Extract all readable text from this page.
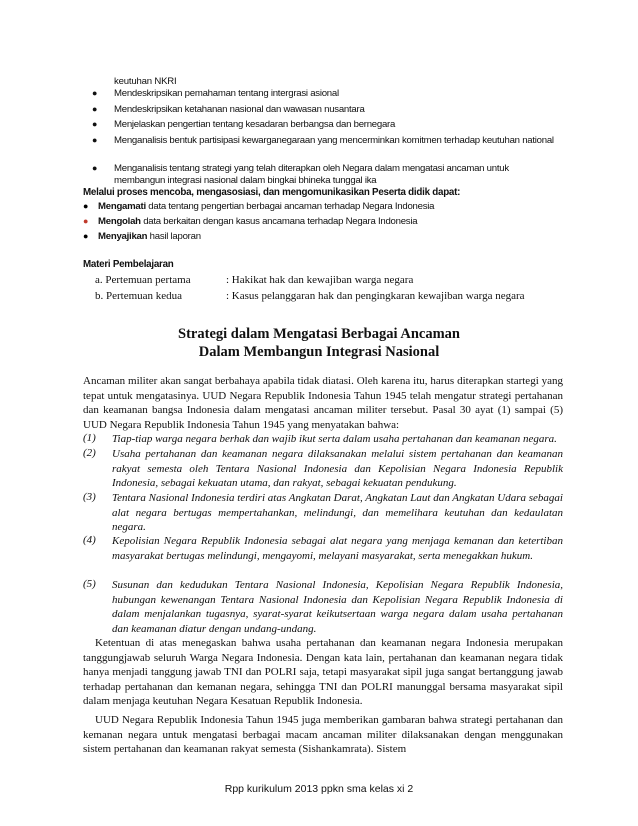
keutuhan NKRI
● Mendeskripsikan pemahaman tentang intergrasi asional
● Mendeskripsikan ketahanan nasional dan wawasan nusantara
● Menjelaskan pengertian tentang kesadaran berbangsa dan bernegara
● Menganalisis bentuk partisipasi kewarganegaraan yang mencerminkan komitmen terhadap keutuhan national
● Menganalisis tentang strategi yang telah diterapkan oleh Negara dalam mengatasi ancaman untuk membangun integrasi nasional dalam bingkai bhineka tunggal ika
Melalui proses mencoba, mengasosiasi, dan mengomunikasikan Peserta didik dapat:
● Mengamati data tentang pengertian berbagai ancaman terhadap Negara Indonesia
● Mengolah data berkaitan dengan kasus ancamana terhadap Negara Indonesia
● Menyajikan hasil laporan
Materi Pembelajaran
a. Pertemuan pertama	: Hakikat hak dan kewajiban warga negara
b. Pertemuan kedua	: Kasus pelanggaran hak dan pengingkaran kewajiban warga negara
Strategi dalam Mengatasi Berbagai Ancaman
Dalam Membangun Integrasi Nasional
Ancaman militer akan sangat berbahaya apabila tidak diatasi. Oleh karena itu, harus diterapkan startegi yang tepat untuk mengatasinya. UUD Negara Republik Indonesia Tahun 1945 telah mengatur strategi pertahanan dan keamanan bangsa Indonesia dalam mengatasi ancaman militer tersebut. Pasal 30 ayat (1) sampai (5) UUD Negara Republik Indonesia Tahun 1945 yang menyatakan bahwa:
(1) Tiap-tiap warga negara berhak dan wajib ikut serta dalam usaha pertahanan dan keamanan negara.
(2) Usaha pertahanan dan keamanan negara dilaksanakan melalui sistem pertahanan dan keamanan rakyat semesta oleh Tentara Nasional Indonesia dan Kepolisian Negara Indonesia Republik Indonesia, sebagai kekuatan utama, dan rakyat, sebagai kekuatan pendukung.
(3) Tentara Nasional Indonesia terdiri atas Angkatan Darat, Angkatan Laut dan Angkatan Udara sebagai alat negara bertugas mempertahankan, melindungi, dan memelihara keutuhan dan kedaulatan negara.
(4) Kepolisian Negara Republik Indonesia sebagai alat negara yang menjaga kemanan dan ketertiban masyarakat bertugas melindungi, mengayomi, melayani masyarakat, serta menegakkan hukum.
(5) Susunan dan kedudukan Tentara Nasional Indonesia, Kepolisian Negara Republik Indonesia, hubungan kewenangan Tentara Nasional Indonesia dan Kepolisian Negara Republik Indonesia di dalam menjalankan tugasnya, syarat-syarat keikutsertaan warga negara dalam usaha pertahanan dan keamanan diatur dengan undang-undang.
Ketentuan di atas menegaskan bahwa usaha pertahanan dan keamanan negara Indonesia merupakan tanggungjawab seluruh Warga Negara Indonesia. Dengan kata lain, pertahanan dan keamanan negara tidak hanya menjadi tanggung jawab TNI dan POLRI saja, tetapi masyarakat sipil juga sangat bertanggung jawab terhadap pertahanan dan kemanan negara, sehingga TNI dan POLRI manunggal bersama masyarakat sipil dalam menjaga keutuhan Negara Kesatuan Republik Indonesia.
UUD Negara Republik Indonesia Tahun 1945 juga memberikan gambaran bahwa strategi pertahanan dan kemanan negara untuk mengatasi berbagai macam ancaman militer dilaksanakan dengan menggunakan sistem pertahanan dan keamanan rakyat semesta (Sishankamrata). Sistem
Rpp kurikulum 2013 ppkn sma kelas xi 2
